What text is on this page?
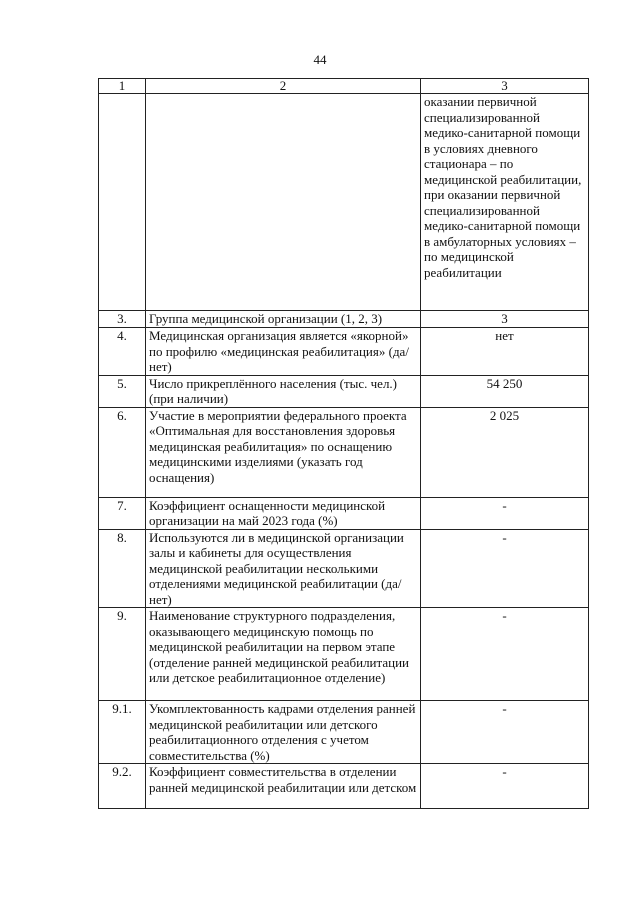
44
1	2	3
		оказании первичной специализированной медико-санитарной помощи в условиях дневного стационара – по медицинской реабилитации, при оказании первичной специализированной медико-санитарной помощи в амбулаторных условиях – по медицинской реабилитации
3.	Группа медицинской организации (1, 2, 3)	3
4.	Медицинская организация является «якорной» по профилю «медицинская реабилитация» (да/нет)	нет
5.	Число прикреплённого населения (тыс. чел.) (при наличии)	54 250
6.	Участие в мероприятии федерального проекта «Оптимальная для восстановления здоровья медицинская реабилитация» по оснащению медицинскими изделиями (указать год оснащения)	2 025
7.	Коэффициент оснащенности медицинской организации на май 2023 года (%)	-
8.	Используются ли в медицинской организации залы и кабинеты для осуществления медицинской реабилитации несколькими отделениями медицинской реабилитации (да/нет)	-
9.	Наименование структурного подразделения, оказывающего медицинскую помощь по медицинской реабилитации на первом этапе (отделение ранней медицинской реабилитации или детское реабилитационное отделение)	-
9.1.	Укомплектованность кадрами отделения ранней медицинской реабилитации или детского реабилитационного отделения с учетом совместительства (%)	-
9.2.	Коэффициент совместительства в отделении ранней медицинской реабилитации или детском	-
